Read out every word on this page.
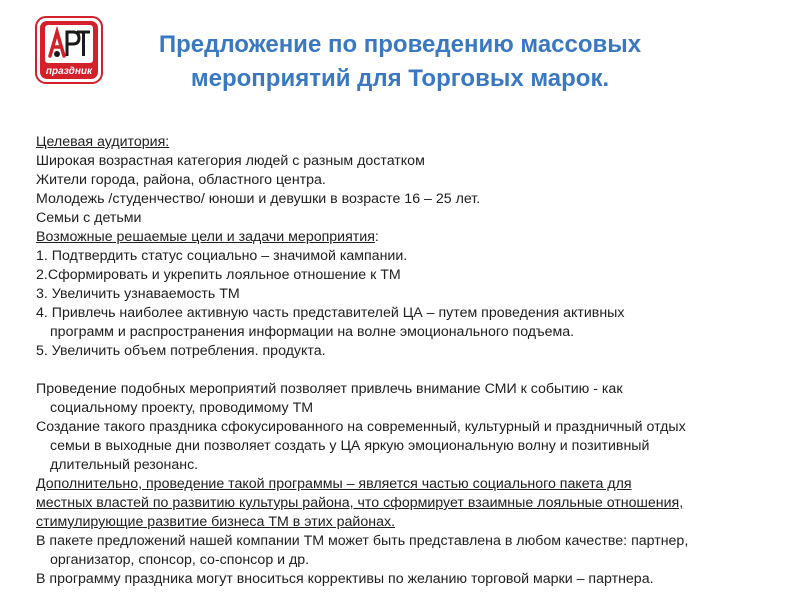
праздник
Предложение по проведению массовых
мероприятий для Торговых марок.

Целевая аудитория:

Широкая возрастная категория людей с разным достатком

Жители города, района, областного центра.

Молодежь /студенчество/ юноши и девушки в возрасте 16 – 25 лет.

Семьи с детьми

Возможные решаемые цели и задачи мероприятия:

1. Подтвердить статус социально – значимой кампании.

2.Сформировать и укрепить лояльное отношение к ТМ

3. Увеличить узнаваемость ТМ

4. Привлечь наиболее активную часть представителей ЦА – путем проведения активных
программ и распространения информации на волне эмоционального подъема.

5. Увеличить объем потребления. продукта.

Проведение подобных мероприятий позволяет привлечь внимание СМИ к событию - как
социальному проекту, проводимому ТМ

Создание такого праздника сфокусированного на современный, культурный и праздничный отдых
семьи в выходные дни позволяет создать у ЦА яркую эмоциональную волну и позитивный
длительный резонанс.

Дополнительно, проведение такой программы – является частью социального пакета для

местных властей по развитию культуры района, что сформирует взаимные лояльные отношения,

стимулирующие развитие бизнеса ТМ в этих районах.

В пакете предложений нашей компании ТМ может быть представлена в любом качестве: партнер,
организатор, спонсор, со-спонсор и др.

В программу праздника могут вноситься коррективы по желанию торговой марки – партнера.
